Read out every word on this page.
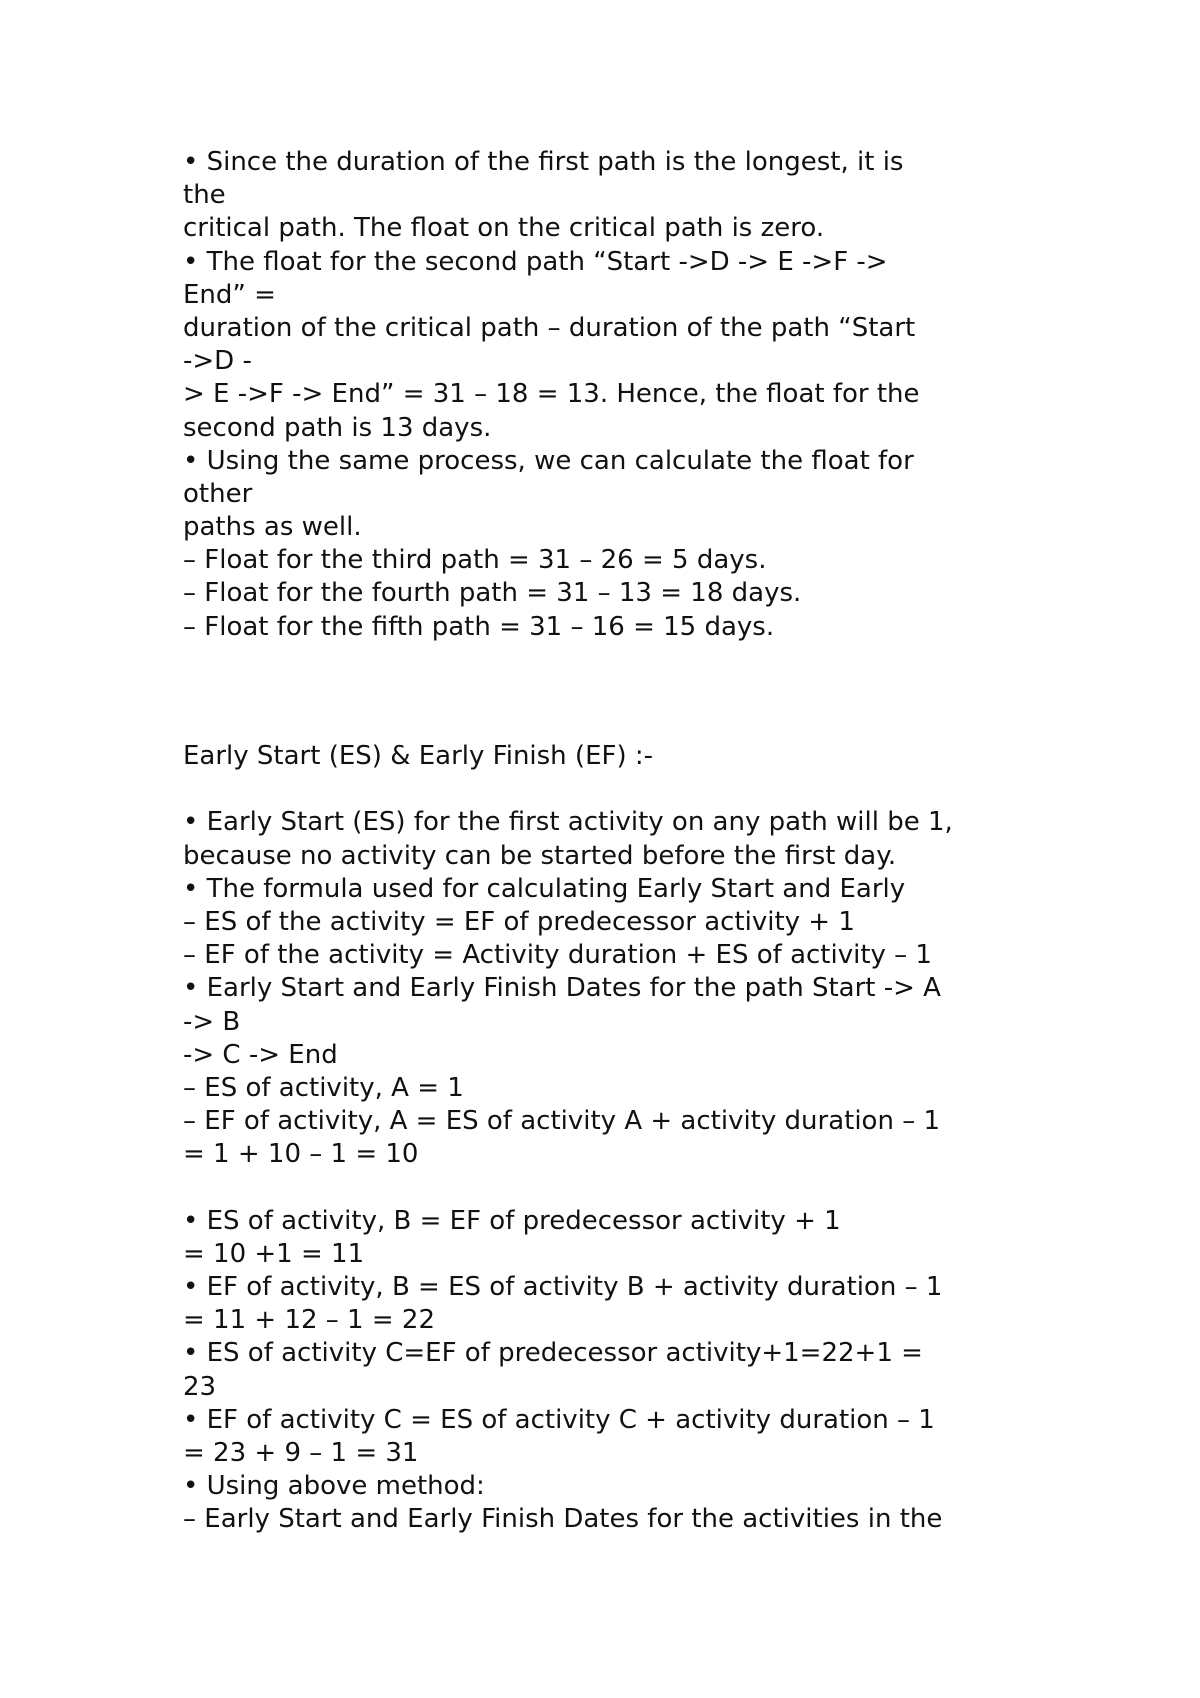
• Since the duration of the first path is the longest, it is
the
critical path. The float on the critical path is zero.
• The float for the second path “Start ->D -> E ->F ->
End” =
duration of the critical path – duration of the path “Start
->D -
> E ->F -> End” = 31 – 18 = 13. Hence, the float for the
second path is 13 days.
• Using the same process, we can calculate the float for
other
paths as well.
– Float for the third path = 31 – 26 = 5 days.
– Float for the fourth path = 31 – 13 = 18 days.
– Float for the fifth path = 31 – 16 = 15 days.
Early Start (ES) & Early Finish (EF) :-
• Early Start (ES) for the first activity on any path will be 1,
because no activity can be started before the first day.
• The formula used for calculating Early Start and Early
– ES of the activity = EF of predecessor activity + 1
– EF of the activity = Activity duration + ES of activity – 1
• Early Start and Early Finish Dates for the path Start -> A
-> B
-> C -> End
– ES of activity, A = 1
– EF of activity, A = ES of activity A + activity duration – 1
= 1 + 10 – 1 = 10
• ES of activity, B = EF of predecessor activity + 1
= 10 +1 = 11
• EF of activity, B = ES of activity B + activity duration – 1
= 11 + 12 – 1 = 22
• ES of activity C=EF of predecessor activity+1=22+1 =
23
• EF of activity C = ES of activity C + activity duration – 1
= 23 + 9 – 1 = 31
• Using above method:
– Early Start and Early Finish Dates for the activities in the
